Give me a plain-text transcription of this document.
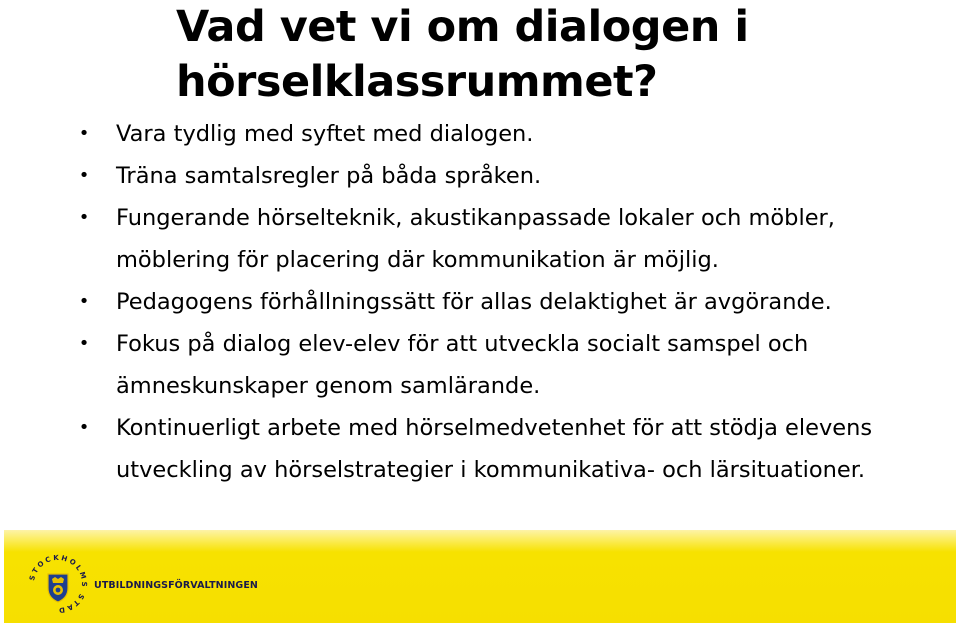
Vad vet vi om dialogen i
hörselklassrummet?
• Vara tydlig med syftet med dialogen.
• Träna samtalsregler på båda språken.
• Fungerande hörselteknik, akustikanpassade lokaler och möbler, möblering för placering där kommunikation är möjlig.
• Pedagogens förhållningssätt för allas delaktighet är avgörande.
• Fokus på dialog elev-elev för att utveckla socialt samspel och ämneskunskaper genom samlärande.
• Kontinuerligt arbete med hörselmedvetenhet för att stödja elevens utveckling av hörselstrategier i kommunikativa- och lärsituationer.
STOCKHOLMS STAD
UTBILDNINGSFÖRVALTNINGEN
